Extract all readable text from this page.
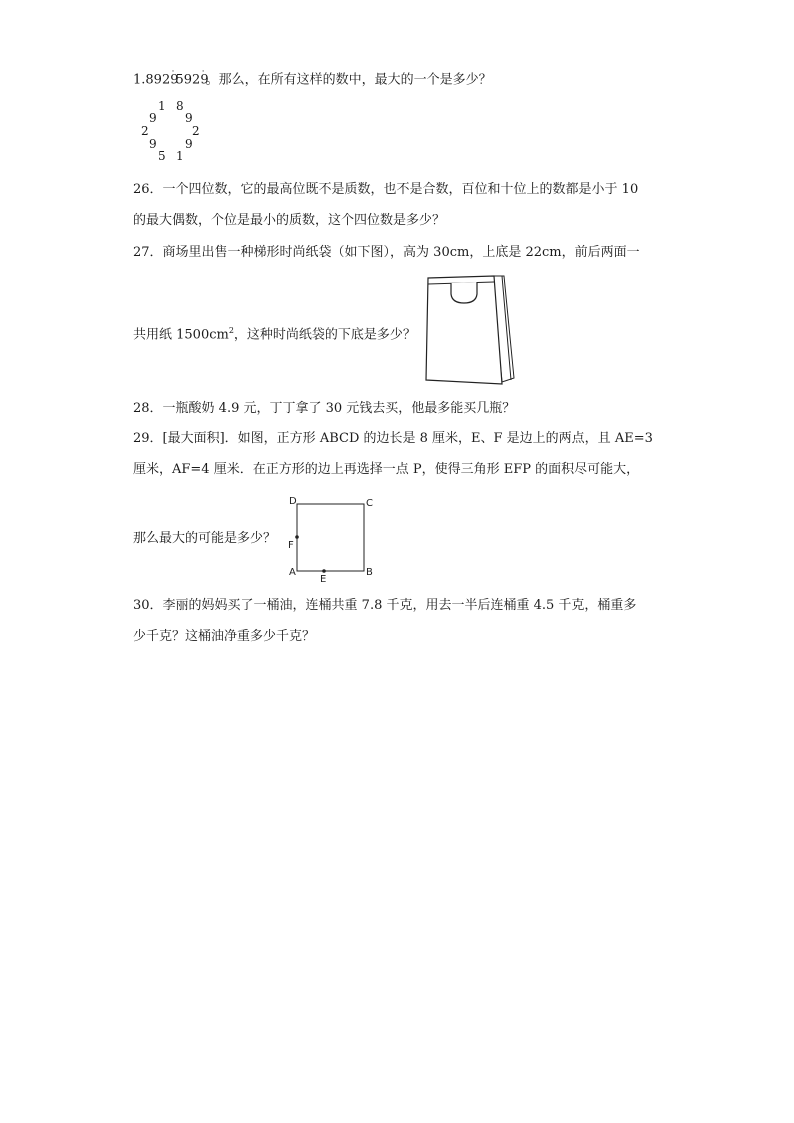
1.89295929。那么，在所有这样的数中，最大的一个是多少？
1 8
9 9
2	2
9 9
5 1
26．一个四位数，它的最高位既不是质数，也不是合数，百位和十位上的数都是小于 10
的最大偶数，个位是最小的质数，这个四位数是多少？
27．商场里出售一种梯形时尚纸袋（如下图），高为 30cm，上底是 22cm，前后两面一
共用纸 $1500cm^2$，这种时尚纸袋的下底是多少？
28．一瓶酸奶 4.9 元，丁丁拿了 30 元钱去买，他最多能买几瓶？
29．[最大面积]．如图，正方形 ABCD 的边长是 8 厘米，E、F 是边上的两点，且 AE=3
厘米，AF=4 厘米．在正方形的边上再选择一点 P，使得三角形 EFP 的面积尽可能大，
那么最大的可能是多少？
D	C
A	B
F
E
30．李丽的妈妈买了一桶油，连桶共重 7.8 千克，用去一半后连桶重 4.5 千克，桶重多
少千克？这桶油净重多少千克？
